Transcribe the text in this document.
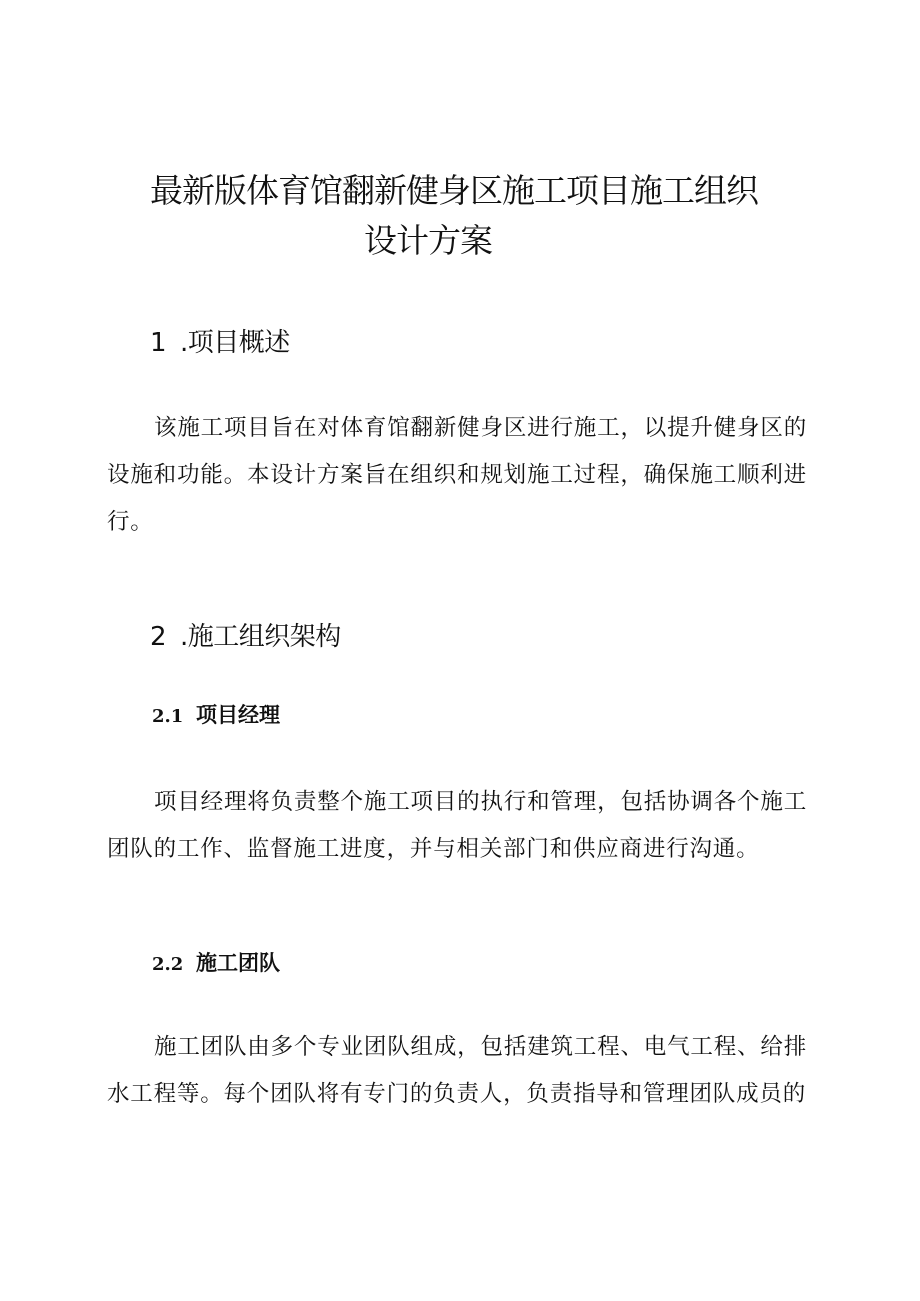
最新版体育馆翻新健身区施工项目施工组织
设计方案
1 .项目概述

该施工项目旨在对体育馆翻新健身区进行施工，以提升健身区的设施和功能。本设计方案旨在组织和规划施工过程，确保施工顺利进行。

2 .施工组织架构
2.1 项目经理

项目经理将负责整个施工项目的执行和管理，包括协调各个施工团队的工作、监督施工进度，并与相关部门和供应商进行沟通。

2.2 施工团队

施工团队由多个专业团队组成，包括建筑工程、电气工程、给排水工程等。每个团队将有专门的负责人，负责指导和管理团队成员的
